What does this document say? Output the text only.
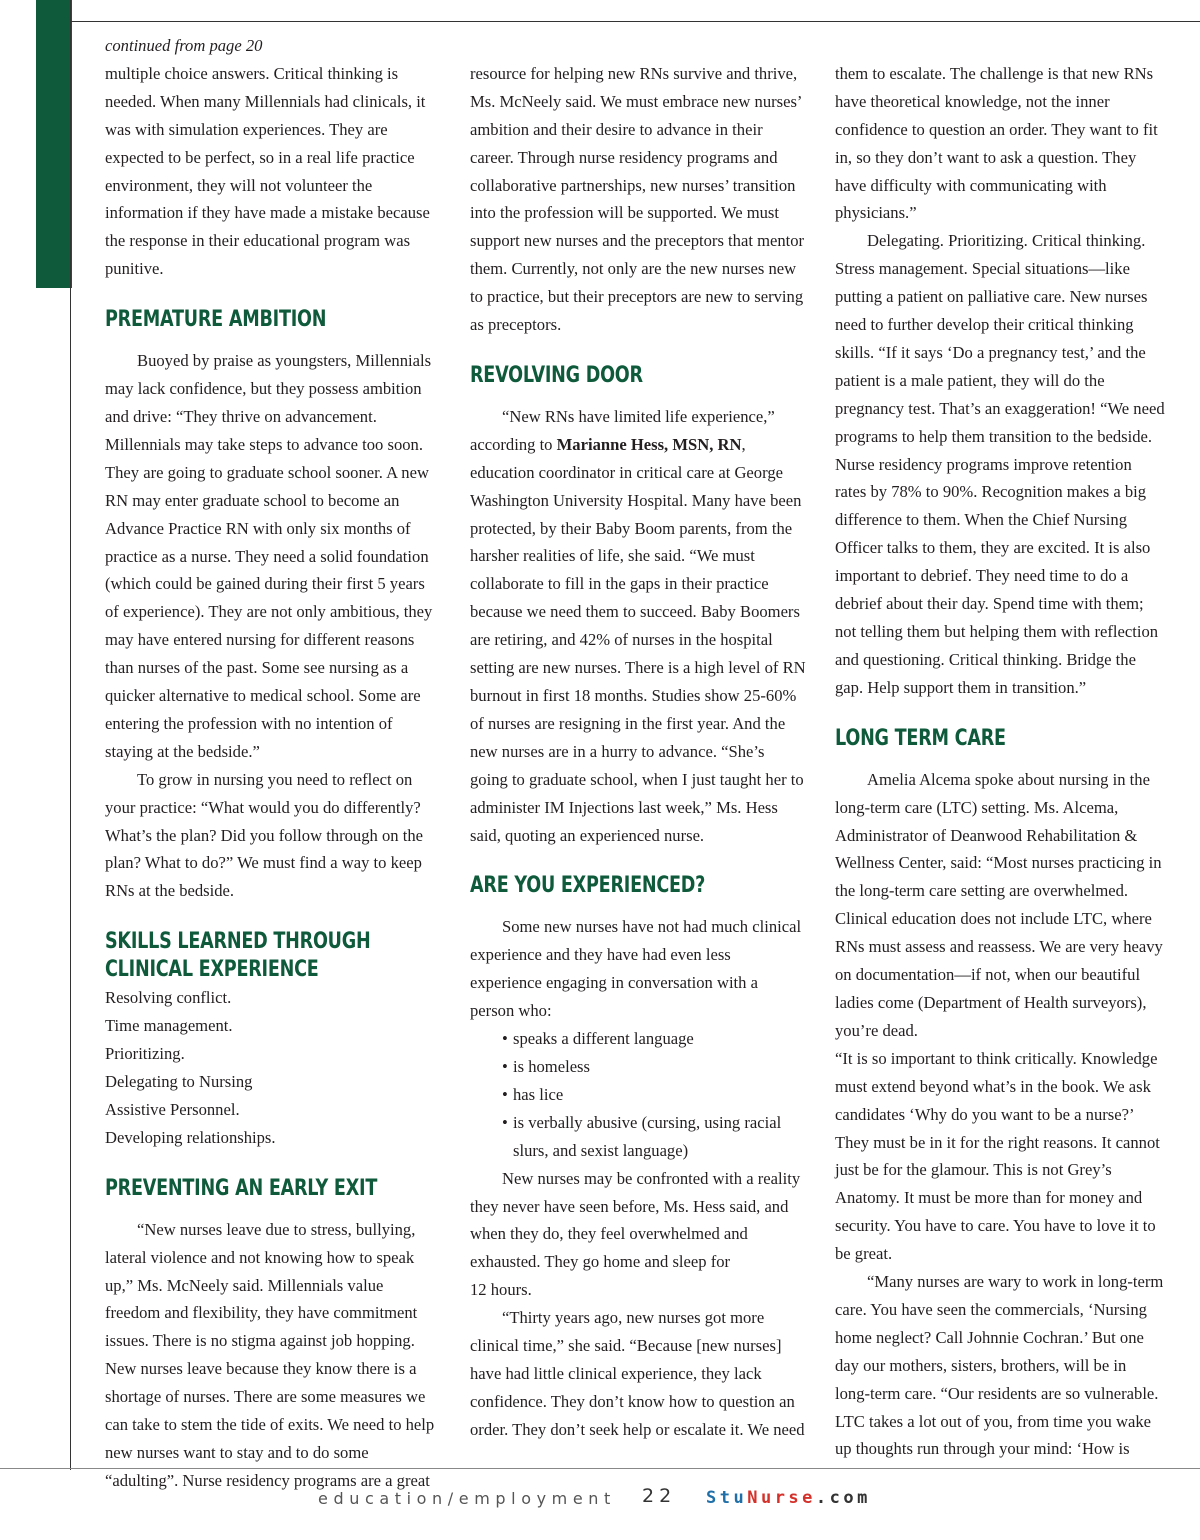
continued from page 20

multiple choice answers. Critical thinking is needed. When many Millennials had clinicals, it was with simulation experiences. They are expected to be perfect, so in a real life practice environment, they will not volunteer the information if they have made a mistake because the response in their educational program was punitive.

PREMATURE AMBITION

Buoyed by praise as youngsters, Millennials may lack confidence, but they possess ambition and drive: “They thrive on advancement. Millennials may take steps to advance too soon. They are going to graduate school sooner. A new RN may enter graduate school to become an Advance Practice RN with only six months of practice as a nurse. They need a solid foundation (which could be gained during their first 5 years of experience). They are not only ambitious, they may have entered nursing for different reasons than nurses of the past. Some see nursing as a quicker alternative to medical school. Some are entering the profession with no intention of staying at the bedside.”

To grow in nursing you need to reflect on your practice: “What would you do differently? What’s the plan? Did you follow through on the plan? What to do?” We must find a way to keep RNs at the bedside.

SKILLS LEARNED THROUGH CLINICAL EXPERIENCE

Resolving conflict.

Time management.

Prioritizing.

Delegating to Nursing

Assistive Personnel.

Developing relationships.

PREVENTING AN EARLY EXIT

“New nurses leave due to stress, bullying, lateral violence and not knowing how to speak up,” Ms. McNeely said. Millennials value freedom and flexibility, they have commitment issues. There is no stigma against job hopping. New nurses leave because they know there is a shortage of nurses. There are some measures we can take to stem the tide of exits. We need to help new nurses want to stay and to do some “adulting”. Nurse residency programs are a great

resource for helping new RNs survive and thrive, Ms. McNeely said. We must embrace new nurses’ ambition and their desire to advance in their career. Through nurse residency programs and collaborative partnerships, new nurses’ transition into the profession will be supported. We must support new nurses and the preceptors that mentor them. Currently, not only are the new nurses new to practice, but their preceptors are new to serving as preceptors.

REVOLVING DOOR

“New RNs have limited life experience,” according to Marianne Hess, MSN, RN, education coordinator in critical care at George Washington University Hospital. Many have been protected, by their Baby Boom parents, from the harsher realities of life, she said. “We must collaborate to fill in the gaps in their practice because we need them to succeed. Baby Boomers are retiring, and 42% of nurses in the hospital setting are new nurses. There is a high level of RN burnout in first 18 months. Studies show 25-60% of nurses are resigning in the first year. And the new nurses are in a hurry to advance. “She’s going to graduate school, when I just taught her to administer IM Injections last week,” Ms. Hess said, quoting an experienced nurse.

ARE YOU EXPERIENCED?

Some new nurses have not had much clinical experience and they have had even less experience engaging in conversation with a person who:

• speaks a different language
• is homeless
• has lice
• is verbally abusive (cursing, using racial slurs, and sexist language)

New nurses may be confronted with a reality they never have seen before, Ms. Hess said, and when they do, they feel overwhelmed and exhausted. They go home and sleep for

12 hours.

“Thirty years ago, new nurses got more clinical time,” she said. “Because [new nurses] have had little clinical experience, they lack confidence. They don’t know how to question an order. They don’t seek help or escalate it. We need

them to escalate. The challenge is that new RNs have theoretical knowledge, not the inner confidence to question an order. They want to fit in, so they don’t want to ask a question. They have difficulty with communicating with physicians.”

Delegating. Prioritizing. Critical thinking. Stress management. Special situations—like putting a patient on palliative care. New nurses need to further develop their critical thinking skills. “If it says ‘Do a pregnancy test,’ and the patient is a male patient, they will do the pregnancy test. That’s an exaggeration! “We need programs to help them transition to the bedside. Nurse residency programs improve retention rates by 78% to 90%. Recognition makes a big difference to them. When the Chief Nursing Officer talks to them, they are excited. It is also important to debrief. They need time to do a debrief about their day. Spend time with them; not telling them but helping them with reflection and questioning. Critical thinking. Bridge the gap. Help support them in transition.”

LONG TERM CARE

Amelia Alcema spoke about nursing in the long-term care (LTC) setting. Ms. Alcema, Administrator of Deanwood Rehabilitation & Wellness Center, said: “Most nurses practicing in the long-term care setting are overwhelmed. Clinical education does not include LTC, where RNs must assess and reassess. We are very heavy on documentation—if not, when our beautiful ladies come (Department of Health surveyors), you’re dead.

“It is so important to think critically. Knowledge must extend beyond what’s in the book. We ask candidates ‘Why do you want to be a nurse?’ They must be in it for the right reasons. It cannot just be for the glamour. This is not Grey’s Anatomy. It must be more than for money and security. You have to care. You have to love it to be great.

“Many nurses are wary to work in long-term care. You have seen the commercials, ‘Nursing home neglect? Call Johnnie Cochran.’ But one day our mothers, sisters, brothers, will be in long-term care. “Our residents are so vulnerable. LTC takes a lot out of you, from time you wake up thoughts run through your mind: ‘How is

education/employment 22 StuNurse.com
